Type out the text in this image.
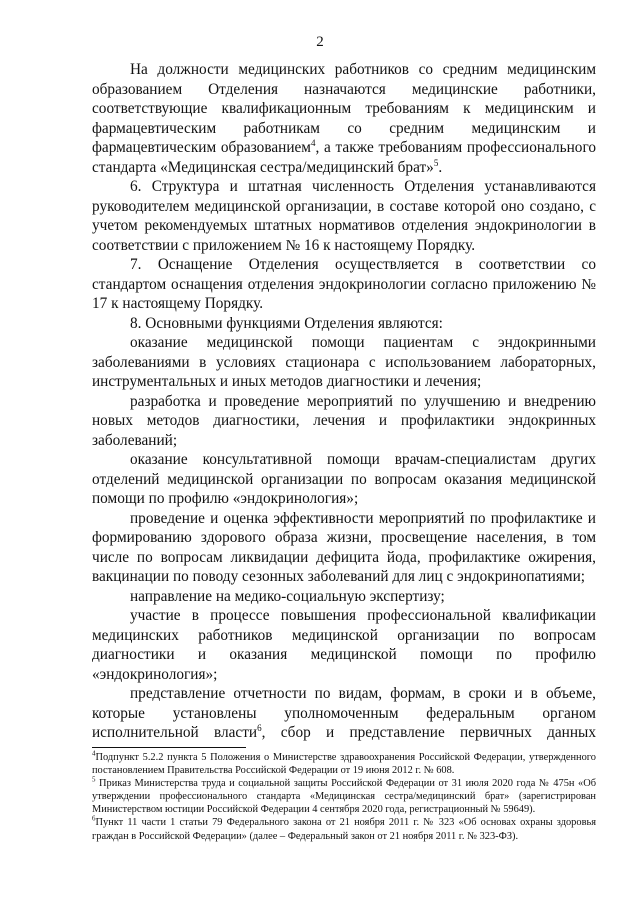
2

На должности медицинских работников со средним медицинским образованием Отделения назначаются медицинские работники, соответствующие квалификационным требованиям к медицинским и фармацевтическим работникам со средним медицинским и фармацевтическим образованием$^4$, а также требованиям профессионального стандарта «Медицинская сестра/медицинский брат»$^5$.

6. Структура и штатная численность Отделения устанавливаются руководителем медицинской организации, в составе которой оно создано, с учетом рекомендуемых штатных нормативов отделения эндокринологии в соответствии с приложением № 16 к настоящему Порядку.

7. Оснащение Отделения осуществляется в соответствии со стандартом оснащения отделения эндокринологии согласно приложению № 17 к настоящему Порядку.

8. Основными функциями Отделения являются:

оказание медицинской помощи пациентам с эндокринными заболеваниями в условиях стационара с использованием лабораторных, инструментальных и иных методов диагностики и лечения;

разработка и проведение мероприятий по улучшению и внедрению новых методов диагностики, лечения и профилактики эндокринных заболеваний;

оказание консультативной помощи врачам-специалистам других отделений медицинской организации по вопросам оказания медицинской помощи по профилю «эндокринология»;

проведение и оценка эффективности мероприятий по профилактике и формированию здорового образа жизни, просвещение населения, в том числе по вопросам ликвидации дефицита йода, профилактике ожирения, вакцинации по поводу сезонных заболеваний для лиц с эндокринопатиями;

направление на медико-социальную экспертизу;

участие в процессе повышения профессиональной квалификации медицинских работников медицинской организации по вопросам диагностики и оказания медицинской помощи по профилю «эндокринология»;

представление отчетности по видам, формам, в сроки и в объеме, которые установлены уполномоченным федеральным органом исполнительной власти$^6$, сбор и представление первичных данных

$^4$Подпункт 5.2.2 пункта 5 Положения о Министерстве здравоохранения Российской Федерации, утвержденного постановлением Правительства Российской Федерации от 19 июня 2012 г. № 608.

$^5$ Приказ Министерства труда и социальной защиты Российской Федерации от 31 июля 2020 года № 475н «Об утверждении профессионального стандарта «Медицинская сестра/медицинский брат» (зарегистрирован Министерством юстиции Российской Федерации 4 сентября 2020 года, регистрационный № 59649).

$^6$Пункт 11 части 1 статьи 79 Федерального закона от 21 ноября 2011 г. № 323 «Об основах охраны здоровья граждан в Российской Федерации» (далее – Федеральный закон от 21 ноября 2011 г. № 323-ФЗ).
